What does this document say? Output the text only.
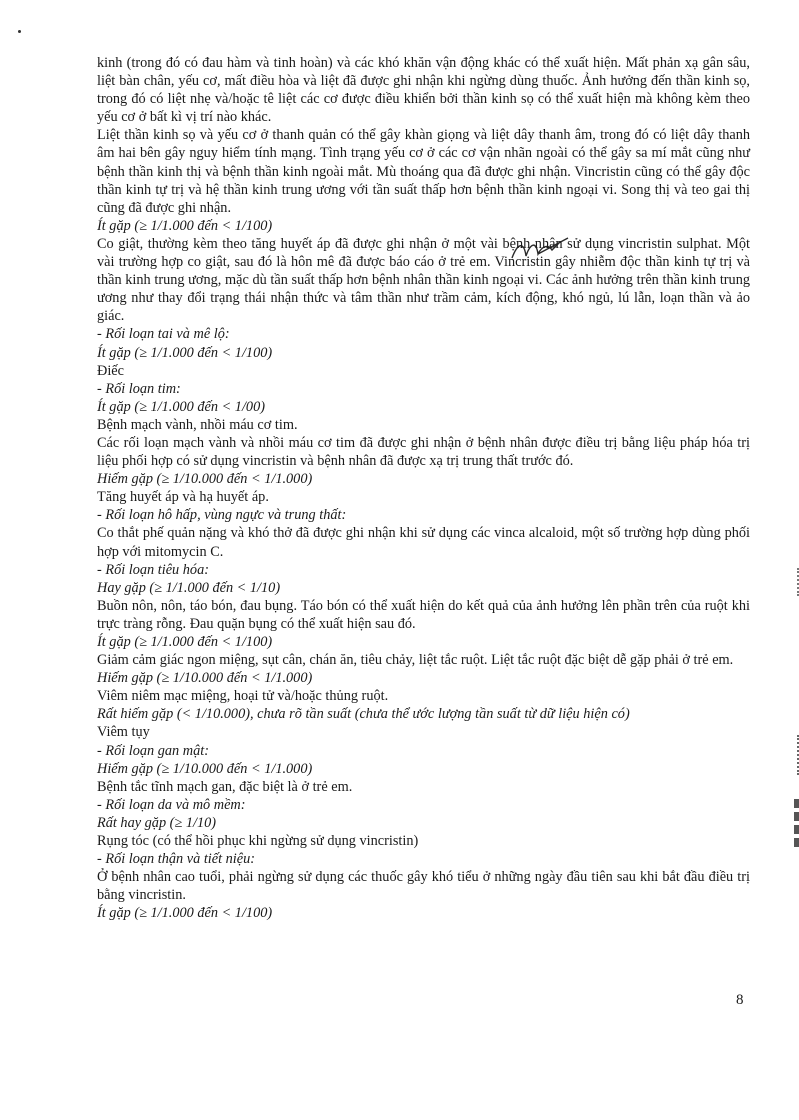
kinh (trong đó có đau hàm và tinh hoàn) và các khó khăn vận động khác có thể xuất hiện. Mất phản xạ gân sâu, liệt bàn chân, yếu cơ, mất điều hòa và liệt đã được ghi nhận khi ngừng dùng thuốc. Ảnh hưởng đến thần kinh sọ, trong đó có liệt nhẹ và/hoặc tê liệt các cơ được điều khiển bởi thần kinh sọ có thể xuất hiện mà không kèm theo yếu cơ ở bất kì vị trí nào khác.

Liệt thần kinh sọ và yếu cơ ở thanh quản có thể gây khàn giọng và liệt dây thanh âm, trong đó có liệt dây thanh âm hai bên gây nguy hiểm tính mạng. Tình trạng yếu cơ ở các cơ vận nhãn ngoài có thể gây sa mí mắt cũng như bệnh thần kinh thị và bệnh thần kinh ngoài mắt. Mù thoáng qua đã được ghi nhận. Vincristin cũng có thể gây độc thần kinh tự trị và hệ thần kinh trung ương với tần suất thấp hơn bệnh thần kinh ngoại vi. Song thị và teo gai thị cũng đã được ghi nhận.

Ít gặp (≥ 1/1.000 đến < 1/100)

Co giật, thường kèm theo tăng huyết áp đã được ghi nhận ở một vài bệnh nhân sử dụng vincristin sulphat. Một vài trường hợp co giật, sau đó là hôn mê đã được báo cáo ở trẻ em. Vincristin gây nhiễm độc thần kinh tự trị và thần kinh trung ương, mặc dù tần suất thấp hơn bệnh nhân thần kinh ngoại vi. Các ảnh hưởng trên thần kinh trung ương như thay đổi trạng thái nhận thức và tâm thần như trầm cảm, kích động, khó ngủ, lú lẫn, loạn thần và ảo giác.

- Rối loạn tai và mê lộ:

Ít gặp (≥ 1/1.000 đến < 1/100)

Điếc

- Rối loạn tim:

Ít gặp (≥ 1/1.000 đến < 1/00)

Bệnh mạch vành, nhồi máu cơ tim.

Các rối loạn mạch vành và nhồi máu cơ tim đã được ghi nhận ở bệnh nhân được điều trị bằng liệu pháp hóa trị liệu phối hợp có sử dụng vincristin và bệnh nhân đã được xạ trị trung thất trước đó.

Hiếm gặp (≥ 1/10.000 đến < 1/1.000)

Tăng huyết áp và hạ huyết áp.

- Rối loạn hô hấp, vùng ngực và trung thất:

Co thắt phế quản nặng và khó thở đã được ghi nhận khi sử dụng các vinca alcaloid, một số trường hợp dùng phối hợp với mitomycin C.

- Rối loạn tiêu hóa:

Hay gặp (≥ 1/1.000 đến < 1/10)

Buồn nôn, nôn, táo bón, đau bụng. Táo bón có thể xuất hiện do kết quả của ảnh hưởng lên phần trên của ruột khi trực tràng rỗng. Đau quặn bụng có thể xuất hiện sau đó.

Ít gặp (≥ 1/1.000 đến < 1/100)

Giảm cảm giác ngon miệng, sụt cân, chán ăn, tiêu chảy, liệt tắc ruột. Liệt tắc ruột đặc biệt dễ gặp phải ở trẻ em.

Hiếm gặp (≥ 1/10.000 đến < 1/1.000)

Viêm niêm mạc miệng, hoại tử và/hoặc thủng ruột.

Rất hiếm gặp (< 1/10.000), chưa rõ tần suất (chưa thể ước lượng tần suất từ dữ liệu hiện có)

Viêm tụy

- Rối loạn gan mật:

Hiếm gặp (≥ 1/10.000 đến < 1/1.000)

Bệnh tắc tĩnh mạch gan, đặc biệt là ở trẻ em.

- Rối loạn da và mô mềm:

Rất hay gặp (≥ 1/10)

Rụng tóc (có thể hồi phục khi ngừng sử dụng vincristin)

- Rối loạn thận và tiết niệu:

Ở bệnh nhân cao tuổi, phải ngừng sử dụng các thuốc gây khó tiểu ở những ngày đầu tiên sau khi bắt đầu điều trị bằng vincristin.

Ít gặp (≥ 1/1.000 đến < 1/100)

8
